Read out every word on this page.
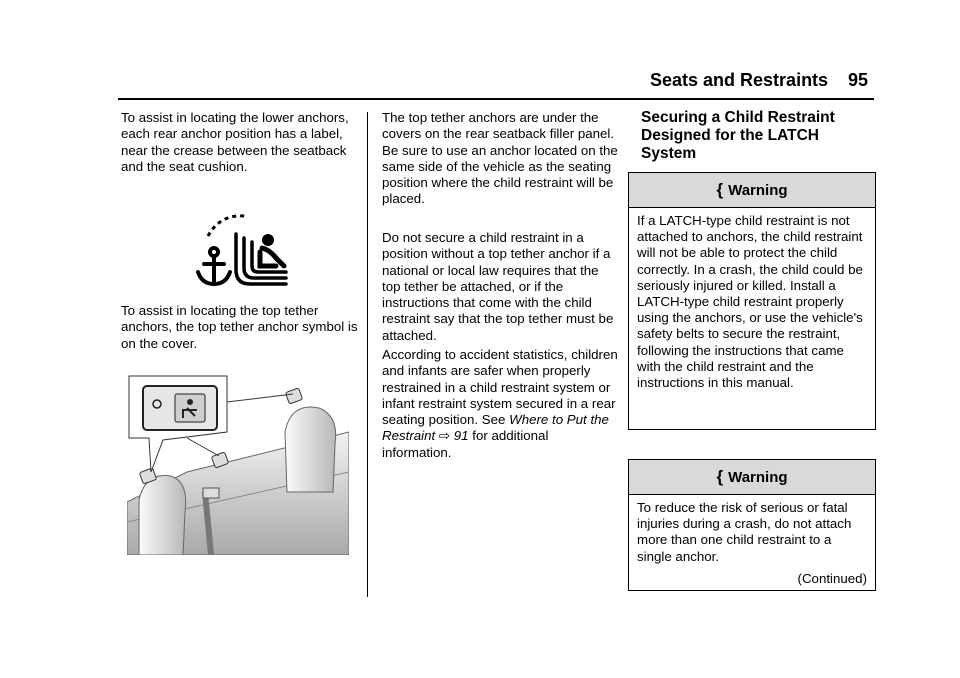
Seats and Restraints 95

To assist in locating the lower anchors, each rear anchor position has a label, near the crease between the seatback and the seat cushion.

To assist in locating the top tether anchors, the top tether anchor symbol is on the cover.

The top tether anchors are under the covers on the rear seatback filler panel. Be sure to use an anchor located on the same side of the vehicle as the seating position where the child restraint will be placed.

Do not secure a child restraint in a position without a top tether anchor if a national or local law requires that the top tether be attached, or if the instructions that come with the child restraint say that the top tether must be attached.

According to accident statistics, children and infants are safer when properly restrained in a child restraint system or infant restraint system secured in a rear seating position. See Where to Put the Restraint ⇨ 91 for additional information.

Securing a Child Restraint Designed for the LATCH System
{ Warning
If a LATCH-type child restraint is not attached to anchors, the child restraint will not be able to protect the child correctly. In a crash, the child could be seriously injured or killed. Install a LATCH-type child restraint properly using the anchors, or use the vehicle's safety belts to secure the restraint, following the instructions that came with the child restraint and the instructions in this manual.
{ Warning
To reduce the risk of serious or fatal injuries during a crash, do not attach more than one child restraint to a single anchor.
(Continued)
